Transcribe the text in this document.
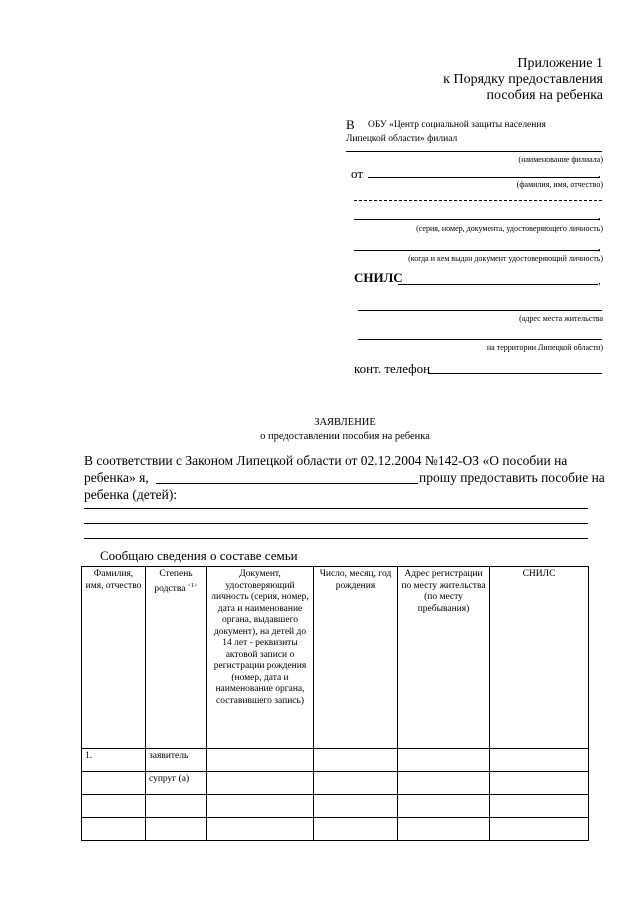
Приложение 1
к Порядку предоставления
пособия на ребенка
В ОБУ «Центр социальной защиты населения
Липецкой области» филиал
(наименование филиала)
от	,
(фамилия, имя, отчество)
,
(серия, номер, документа, удостоверяющего личность)
,
(когда и кем выдан документ удостоверяющий личность)
СНИЛС	,
(адрес места жительства
на территории Липецкой области)
конт. телефон
ЗАЯВЛЕНИЕ
о предоставлении пособия на ребенка
В соответствии с Законом Липецкой области от 02.12.2004 №142-ОЗ «О пособии на
ребенка» я,	прошу предоставить пособие на
ребенка (детей):
Сообщаю сведения о составе семьи
Фамилия, имя, отчество	Степень родства $^{<1>}$	Документ, удостоверяющий личность (серия, номер, дата и наименование органа, выдавшего документ), на детей до 14 лет - реквизиты актовой записи о регистрации рождения (номер, дата и наименование органа, составившего запись)	Число, месяц, год рождения	Адрес регистрации по месту жительства (по месту пребывания)	СНИЛС
1.	заявитель				
	супруг (а)				
